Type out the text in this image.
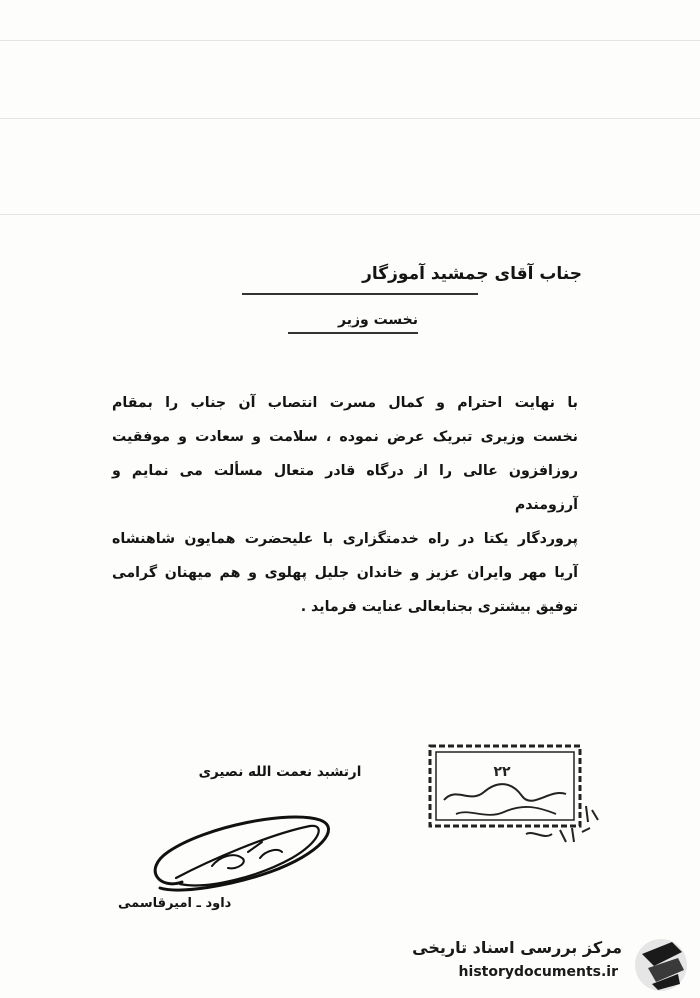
جناب آقای جمشید آموزگار
نخست وزیر
با نهایت احترام و کمال مسرت انتصاب آن جناب را بمقام
نخست وزیری تبریک عرض نموده ، سلامت و سعادت و موفقیت
روزافزون عالی را از درگاه قادر متعال مسألت می نمایم و آرزومندم
پروردگار یکتا در راه خدمتگزاری با علیحضرت همایون شاهنشاه
آریا مهر وایران عزیز و خاندان جلیل پهلوی و هم میهنان گرامی
توفیق بیشتری بجنابعالی عنایت فرماید .
ارتشبد نعمت الله نصیری	۲۲
داود ـ امیرقاسمی
مرکز بررسی اسناد تاریخی
historydocuments.ir
